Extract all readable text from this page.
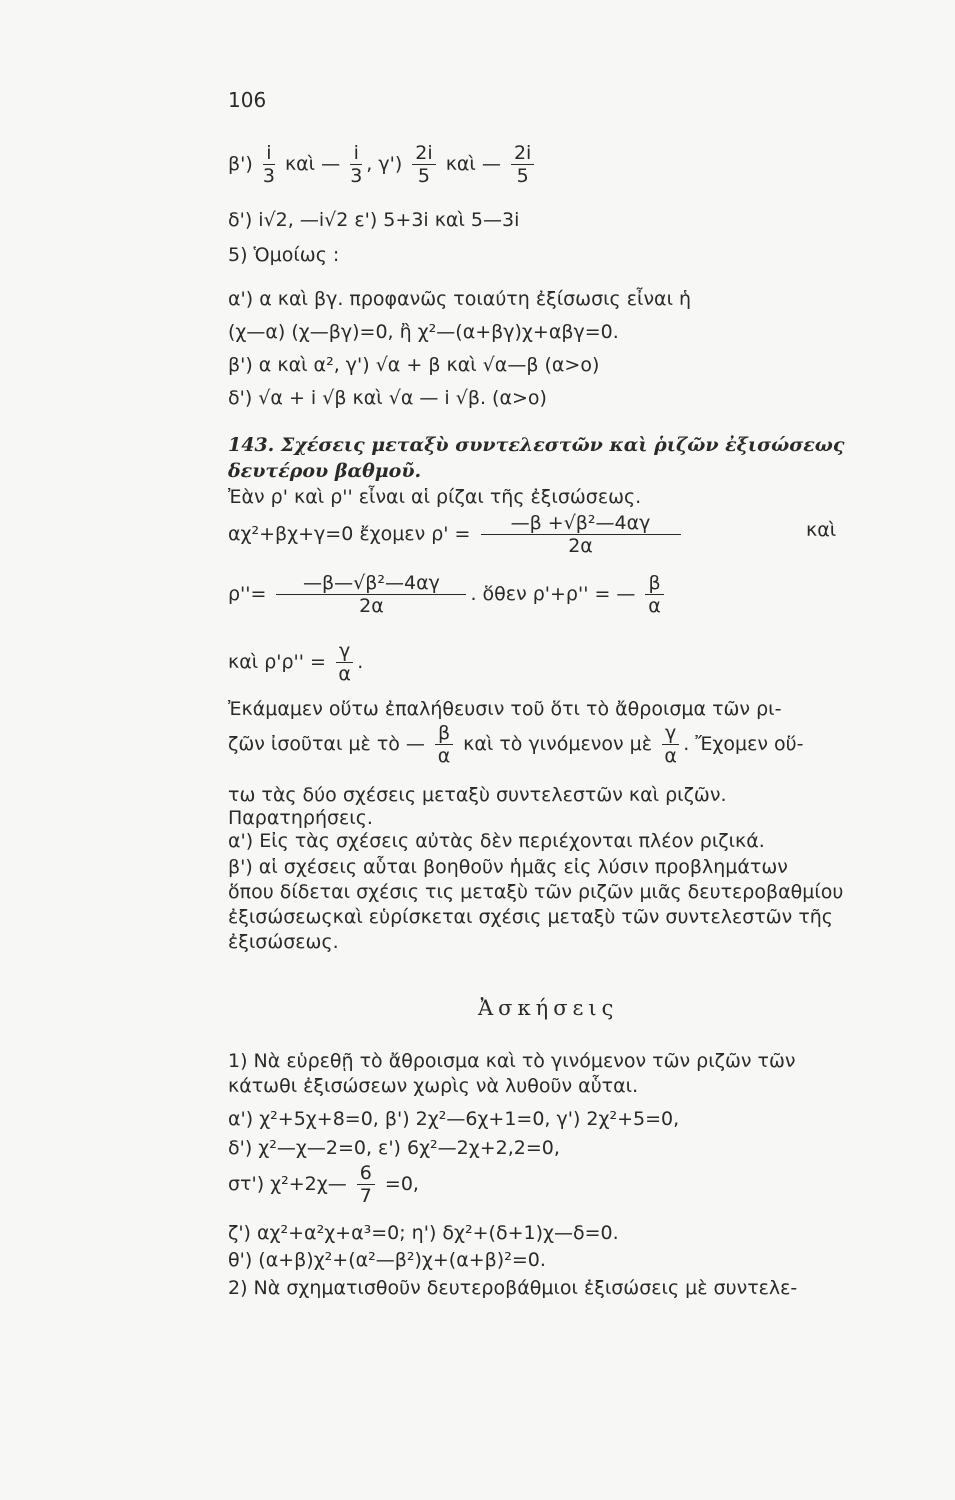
106
$\beta') \frac{i}{3}$ καὶ — $\frac{i}{3}$ , $\gamma') \frac{2i}{5}$ καὶ — $\frac{2i}{5}$
δ') i√2, —i√2 ε') 5+3i καὶ 5—3i
5) Ὁμοίως :
α') α καὶ βγ. προφανῶς τοιαύτη ἐξίσωσις εἶναι ἡ
(χ—α) (χ—βγ)=0, ἢ χ²—(α+βγ)χ+αβγ=0.
β') α καὶ α², γ') √α + β καὶ √α—β (α>ο)
δ') √α + i √β καὶ √α — i √β. (α>ο)
143. Σχέσεις μεταξὺ συντελεστῶν καὶ ῥιζῶν ἐξισώσεως
δευτέρου βαθμοῦ.
Ἐὰν ρ' καὶ ρ'' εἶναι αἱ ρίζαι τῆς ἐξισώσεως.
αχ²+βχ+γ=0 ἔχομεν $\rho' = \frac{\text{—β +√β²—4αγ}}{2\alpha}$	καὶ
$\rho''= \frac{\text{—β—√β²—4αγ}}{2\alpha}$ . ὅθεν ρ'+ρ'' = — $\frac{\beta}{\alpha}$
καὶ $\rho'\rho'' = \frac{\gamma}{\alpha}$ .
Ἐκάμαμεν οὕτω ἐπαλήθευσιν τοῦ ὅτι τὸ ἄθροισμα τῶν ρι-
ζῶν ἰσοῦται μὲ τὸ — $\frac{\beta}{\alpha}$ καὶ τὸ γινόμενον μὲ $\frac{\gamma}{\alpha}$ . Ἔχομεν οὕ-
τω τὰς δύο σχέσεις μεταξὺ συντελεστῶν καὶ ριζῶν.
Παρατηρήσεις.
α') Εἰς τὰς σχέσεις αὐτὰς δὲν περιέχονται πλέον ριζικά.
β') αἱ σχέσεις αὗται βοηθοῦν ἡμᾶς εἰς λύσιν προβλημάτων
ὅπου δίδεται σχέσις τις μεταξὺ τῶν ριζῶν μιᾶς δευτεροβαθμίου
ἐξισώσεωςκαὶ εὑρίσκεται σχέσις μεταξὺ τῶν συντελεστῶν τῆς
ἐξισώσεως.
Ἀσκήσεις
1) Νὰ εὑρεθῇ τὸ ἄθροισμα καὶ τὸ γινόμενον τῶν ριζῶν τῶν
κάτωθι ἐξισώσεων χωρὶς νὰ λυθοῦν αὗται.
α') χ²+5χ+8=0, β') 2χ²—6χ+1=0, γ') 2χ²+5=0,
δ') χ²—χ—2=0, ε') 6χ²—2χ+2,2=0,
στ') χ²+2χ— $\frac{6}{7} =0$,
ζ') αχ²+α²χ+α³=0; η') δχ²+(δ+1)χ—δ=0.
θ') (α+β)χ²+(α²—β²)χ+(α+β)²=0.
2) Νὰ σχηματισθοῦν δευτεροβάθμιοι ἐξισώσεις μὲ συντελε-
